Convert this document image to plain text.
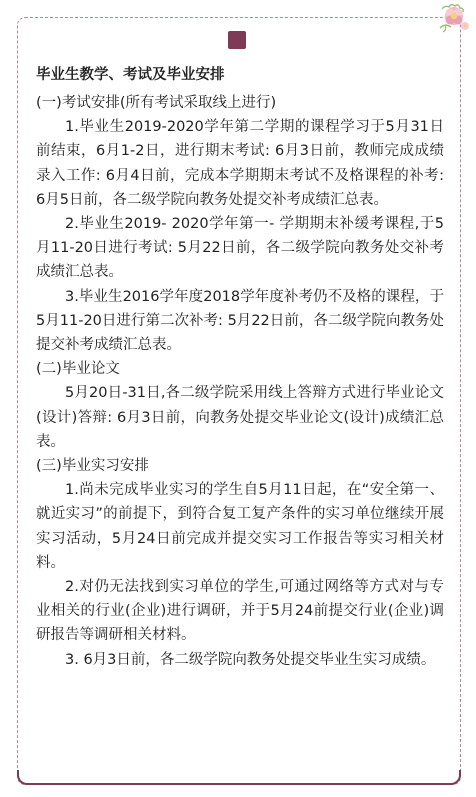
毕业生教学、考试及毕业安排

(一)考试安排(所有考试采取线上进行)

1.毕业生2019-2020学年第二学期的课程学习于5月31日前结束，6月1-2日，进行期末考试: 6月3日前，教师完成成绩录入工作: 6月4日前，完成本学期期末考试不及格课程的补考: 6月5日前，各二级学院向教务处提交补考成绩汇总表。

2.毕业生2019- 2020学年第一- 学期期末补缓考课程,于5月11-20日进行考试: 5月22日前，各二级学院向教务处交补考成绩汇总表。

3.毕业生2016学年度2018学年度补考仍不及格的课程，于5月11-20日进行第二次补考: 5月22日前，各二级学院向教务处提交补考成绩汇总表。

(二)毕业论文

5月20日-31日,各二级学院采用线上答辩方式进行毕业论文(设计)答辩: 6月3日前，向教务处提交毕业论文(设计)成绩汇总表。

(三)毕业实习安排

1.尚未完成毕业实习的学生自5月11日起，在“安全第一、就近实习”的前提下，到符合复工复产条件的实习单位继续开展实习活动，5月24日前完成并提交实习工作报告等实习相关材料。

2.对仍无法找到实习单位的学生,可通过网络等方式对与专业相关的行业(企业)进行调研，并于5月24前提交行业(企业)调研报告等调研相关材料。

3. 6月3日前，各二级学院向教务处提交毕业生实习成绩。
